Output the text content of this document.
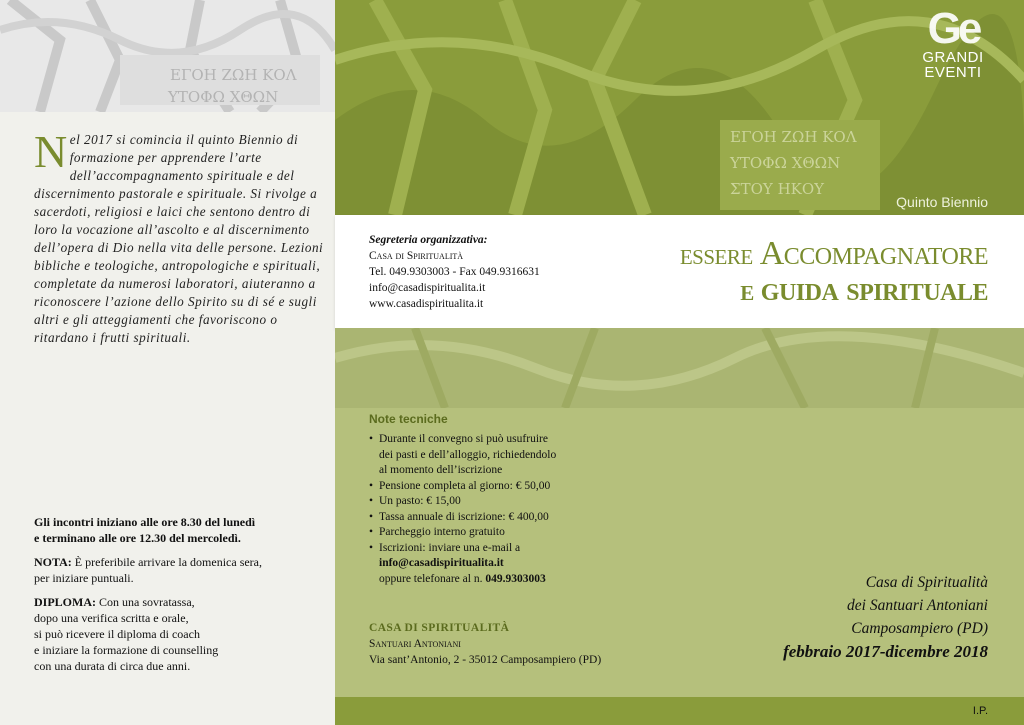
ΕΓΟΗ ΖΩΗ ΚΟΛ
ΥΤΟΦΩ ΧΘΩΝ

Nel 2017 si comincia il quinto Biennio di formazione per apprendere l’arte dell’accompagnamento spirituale e del discernimento pastorale e spirituale. Si rivolge a sacerdoti, religiosi e laici che sentono dentro di loro la vocazione all’ascolto e al discernimento dell’opera di Dio nella vita delle persone. Lezioni bibliche e teologiche, antropologiche e spirituali, completate da numerosi laboratori, aiuteranno a riconoscere l’azione dello Spirito su di sé e sugli altri e gli atteggiamenti che favoriscono o ritardano i frutti spirituali.

Gli incontri iniziano alle ore 8.30 del lunedì
e terminano alle ore 12.30 del mercoledì.

NOTA: È preferibile arrivare la domenica sera,
per iniziare puntuali.

DIPLOMA: Con una sovratassa,
dopo una verifica scritta e orale,
si può ricevere il diploma di coach
e iniziare la formazione di counselling
con una durata di circa due anni.

ΕΓΟΗ ΖΩΗ ΚΟΛ
ΥΤΟΦΩ ΧΘΩΝ
ΣΤΟΥ ΗΚΟΥ
Ge
GRANDI
EVENTI
Quinto Biennio
Segreteria organizzativa:
Casa di Spiritualità
Tel. 049.9303003 - Fax 049.9316631
info@casadispiritualita.it
www.casadispiritualita.it
essere Accompagnatore
e guida spirituale
Note tecniche
• Durante il convegno si può usufruire
dei pasti e dell’alloggio, richiedendolo
al momento dell’iscrizione
• Pensione completa al giorno: € 50,00
• Un pasto: € 15,00
• Tassa annuale di iscrizione: € 400,00
• Parcheggio interno gratuito
• Iscrizioni: inviare una e-mail a
info@casadispiritualita.it
oppure telefonare al n. 049.9303003
CASA DI SPIRITUALITÀ
Santuari Antoniani
Via sant’Antonio, 2 - 35012 Camposampiero (PD)
Casa di Spiritualità
dei Santuari Antoniani
Camposampiero (PD)
febbraio 2017-dicembre 2018
I.P.
